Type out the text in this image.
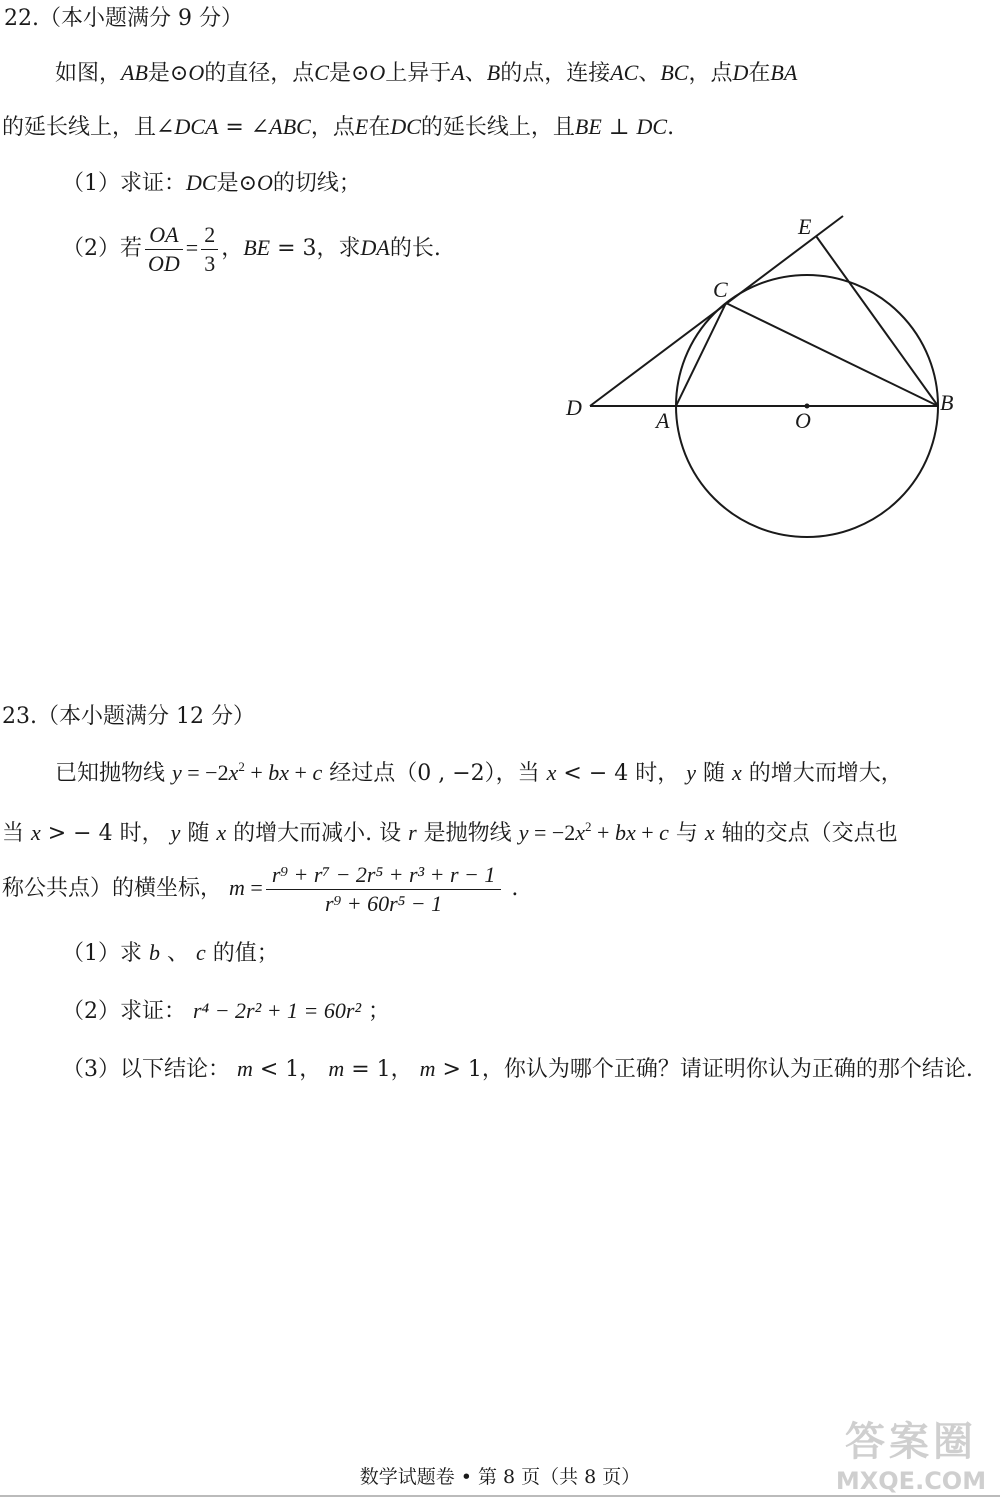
22.（本小题满分 9 分）
如图，AB是⊙O的直径，点C是⊙O上异于A、B的点，连接AC、BC，点D在BA
的延长线上，且∠DCA = ∠ABC，点E在DC的延长线上，且BE ⊥ DC.
（1）求证：DC是⊙O的切线；
（2）若 $\frac{OA}{OD} = \frac{2}{3}$ ，BE = 3，求DA的长.
E
C
D
A	O
B
23.（本小题满分 12 分）
已知抛物线 $y = -2x^2$ + bx + c 经过点（0 , −2），当 x < − 4 时， y 随 x 的增大而增大，
当 x > − 4 时， y 随 x 的增大而减小. 设 r 是抛物线 $y = -2x^2$ + bx + c 与 x 轴的交点（交点也
称公共点）的横坐标， $m = \frac{\text{r⁹ + r⁷ − 2r⁵ + r³ + r − 1}}{\text{r⁹ + 60r⁵ − 1}}$ .
（1）求 b 、 c 的值；
（2）求证： r⁴ − 2r² + 1 = 60r² ；
（3）以下结论： m < 1， m = 1， m > 1，你认为哪个正确？请证明你认为正确的那个结论.
答案圈
MXQE.COM
数学试题卷 • 第 8 页（共 8 页）
